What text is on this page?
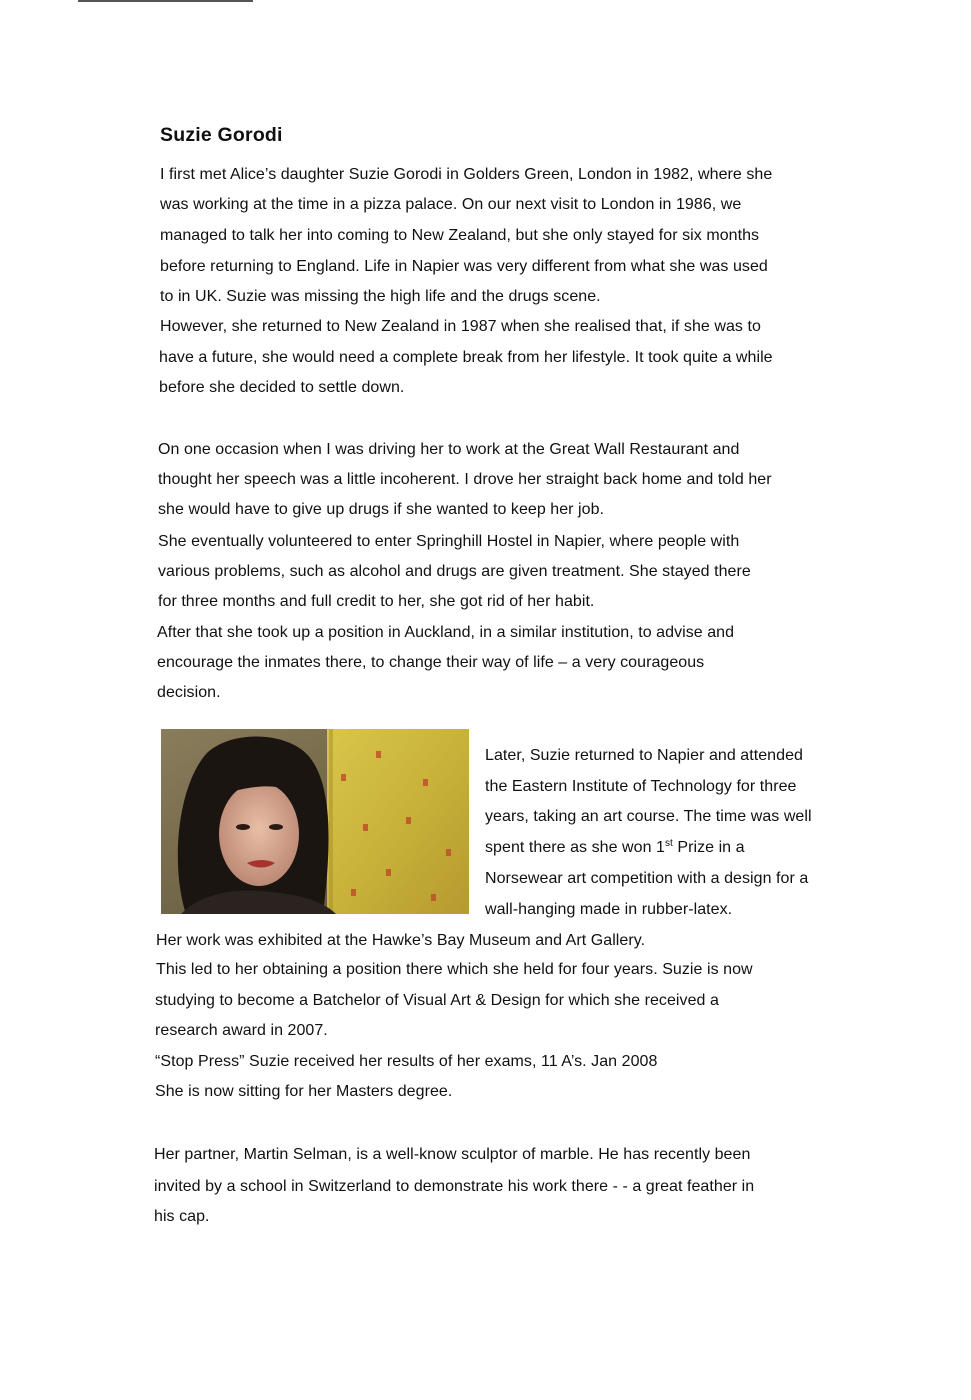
Suzie Gorodi
I first met Alice’s daughter Suzie Gorodi in Golders Green, London in 1982, where she
was working at the time in a pizza palace. On our next visit to London in 1986, we
managed to talk her into coming to New Zealand, but she only stayed for six months
before returning to England. Life in Napier was very different from what she was used
to in UK. Suzie was missing the high life and the drugs scene.
However, she returned to New Zealand in 1987 when she realised that, if she was to
have a future, she would need a complete break from her lifestyle. It took quite a while
before she decided to settle down.
On one occasion when I was driving her to work at the Great Wall Restaurant and
thought her speech was a little incoherent. I drove her straight back home and told her
she would have to give up drugs if she wanted to keep her job.
She eventually volunteered to enter Springhill Hostel in Napier, where people with
various problems, such as alcohol and drugs are given treatment. She stayed there
for three months and full credit to her, she got rid of her habit.
After that she took up a position in Auckland, in a similar institution, to advise and
encourage the inmates there, to change their way of life – a very courageous
decision.
Later, Suzie returned to Napier and attended
the Eastern Institute of Technology for three
years, taking an art course. The time was well
spent there as she won 1st Prize in a
Norsewear art competition with a design for a
wall-hanging made in rubber-latex.
Her work was exhibited at the Hawke’s Bay Museum and Art Gallery.
This led to her obtaining a position there which she held for four years. Suzie is now
studying to become a Batchelor of Visual Art & Design for which she received a
research award in 2007.
“Stop Press” Suzie received her results of her exams, 11 A’s. Jan 2008
She is now sitting for her Masters degree.
Her partner, Martin Selman, is a well-know sculptor of marble. He has recently been
invited by a school in Switzerland to demonstrate his work there - - a great feather in
his cap.
